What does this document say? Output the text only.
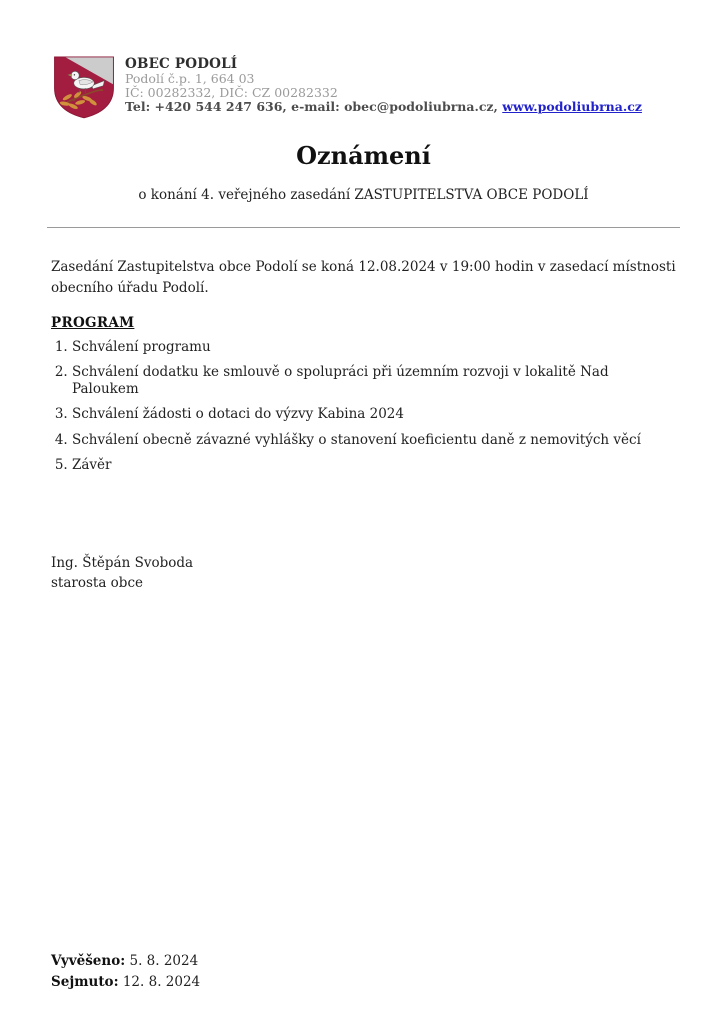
OBEC PODOLÍ
Podolí č.p. 1, 664 03
IČ: 00282332, DIČ: CZ 00282332
Tel: +420 544 247 636, e-mail: obec@podoliubrna.cz, www.podoliubrna.cz
Oznámení
o konání 4. veřejného zasedání ZASTUPITELSTVA OBCE PODOLÍ

Zasedání Zastupitelstva obce Podolí se koná 12.08.2024 v 19:00 hodin v zasedací místnosti obecního úřadu Podolí.

PROGRAM
1. Schválení programu
2. Schválení dodatku ke smlouvě o spolupráci při územním rozvoji v lokalitě Nad Paloukem
3. Schválení žádosti o dotaci do výzvy Kabina 2024
4. Schválení obecně závazné vyhlášky o stanovení koeficientu daně z nemovitých věcí
5. Závěr
Ing. Štěpán Svoboda
starosta obce
Vyvěšeno: 5. 8. 2024
Sejmuto: 12. 8. 2024
